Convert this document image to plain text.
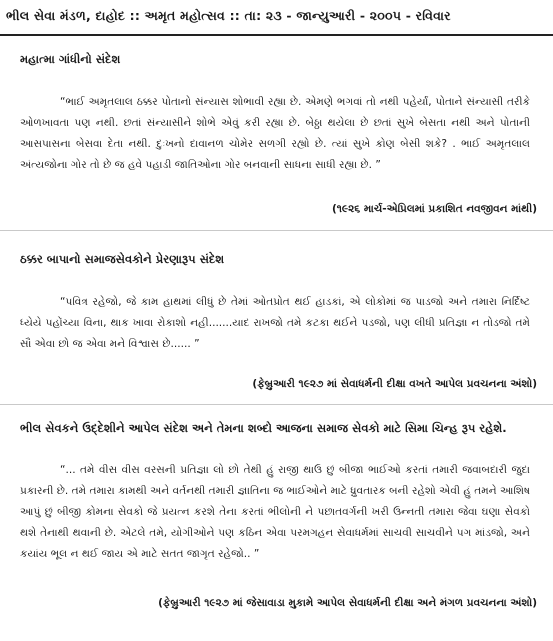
ભીલ સેવા મંડળ, દાહોદ :: અમૃત મહોત્સવ :: તા: ૨૩ - જાન્યુઆરી - ૨૦૦૫ - રવિવાર
મહાત્મા ગાંધીનો સંદેશ
“ભાઈ અમૃતલાલ ઠક્કર પોતાનો સંન્યાસ શોભાવી રહ્યા છે. એમણે ભગવાં તો નથી પહેર્યાં, પોતાને સંન્યાસી તરીકે ઓળખાવતા પણ નથી. છતાં સંન્યાસીને શોભે એવું કરી રહ્યા છે. બેઠ્ઠા થયેલા છે છતાં સુખે બેસતા નથી અને પોતાની આસપાસના બેસવા દેતા નથી. દુઃખનો દાવાનળ ચોમેર સળગી રહ્યો છે. ત્યાં સુખે કોણ બેસી શકે? . ભાઈ અમૃતલાલ અંત્યજોના ગોર તો છે જ હવે પહાડી જાતિઓના ગોર બનવાની સાધના સાધી રહ્યા છે. ”
(૧૯૨૬ માર્ચ-એપ્રિલમાં પ્રકાશિત નવજીવન માંથી)
ઠક્કર બાપાનો સમાજસેવકોને પ્રેરણારૂપ સંદેશ
“પવિત્ર રહેજો, જે કામ હાથમાં લીધું છે તેમાં ઓતપ્રોત થઈ હાડકાં, એ લોકોમાં જ પાડજો અને તમારા નિર્દિષ્ટ ધ્યેયે પહોંચ્યા વિના, થાક ખાવા રોકાશો નહી.......યાદ રાખજો તમે કટકા થઈને પડજો, પણ લીધી પ્રતિજ્ઞા ન તોડજો તમે સૌ એવા છો જ એવા મને વિશ્વાસ છે...... ”
(ફેબ્રુઆરી ૧૯૨૭ માં સેવાધર્મની દીક્ષા વખતે આપેલ પ્રવચનના અંશો)
ભીલ સેવકને ઉદ્દેશીને આપેલ સંદેશ અને તેમના શબ્દો આજના સમાજ સેવકો માટે સિમા ચિન્હ રૂપ રહેશે.
“... તમે વીસ વીસ વરસની પ્રતિજ્ઞા લો છો તેથી હું રાજી થાઉ છું બીજા ભાઈઓ કરતાં તમારી જવાબદારી જુદા પ્રકારની છે. તમે તમારા કામથી અને વર્તનથી તમારી જ્ઞાતિના જ ભાઈઓને માટે ધ્રુવતારક બની રહેશો એવી હું તમને આશિષ આપું છું બીજી કોમના સેવકો જે પ્રયત્ન કરશે તેના કરતાં ભીલોની ને પછાતવર્ગની ખરી ઉન્નતી તમારા જેવા ઘણા સેવકો થશે તેનાથી થવાની છે. એટલે તમે, યોગીઓને પણ કઠિન એવા પરમગહન સેવાધર્મમાં સાચવી સાચવીને પગ માંડજો, અને કયાંય ભૂલ ન થઈ જાય એ માટે સતત જાગૃત રહેજો.. ”
(ફેબ્રુઆરી ૧૯૨૭ માં જેસાવાડા મુકામે આપેલ સેવાધર્મની દીક્ષા અને મંગળ પ્રવચનના અંશો)
